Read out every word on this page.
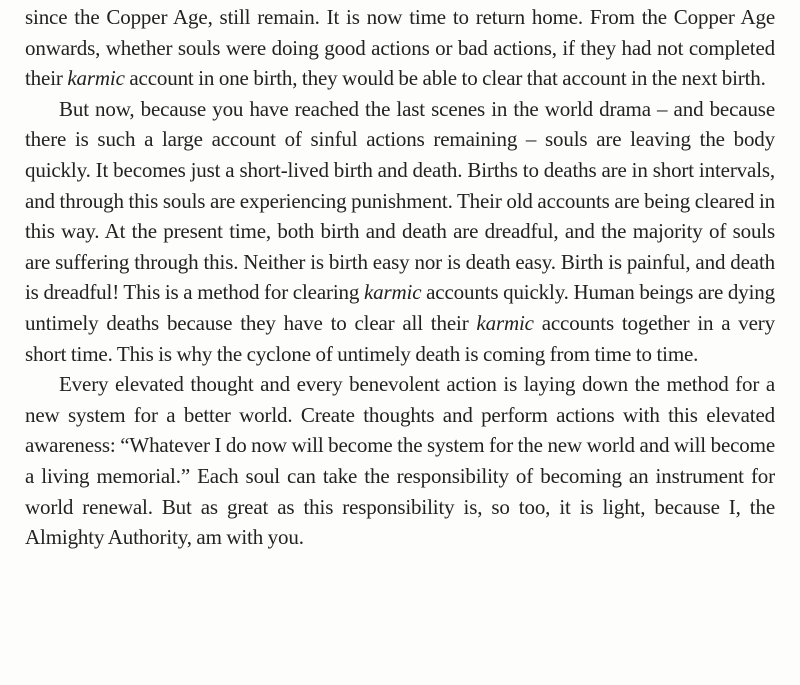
since the Copper Age, still remain. It is now time to return home. From the Copper Age onwards, whether souls were doing good actions or bad actions, if they had not completed their karmic account in one birth, they would be able to clear that account in the next birth.

But now, because you have reached the last scenes in the world drama – and because there is such a large account of sinful actions remaining – souls are leaving the body quickly. It becomes just a short-lived birth and death. Births to deaths are in short intervals, and through this souls are experiencing punishment. Their old accounts are being cleared in this way. At the present time, both birth and death are dreadful, and the majority of souls are suffering through this. Neither is birth easy nor is death easy. Birth is painful, and death is dreadful! This is a method for clearing karmic accounts quickly. Human beings are dying untimely deaths because they have to clear all their karmic accounts together in a very short time. This is why the cyclone of untimely death is coming from time to time.

Every elevated thought and every benevolent action is laying down the method for a new system for a better world. Create thoughts and perform actions with this elevated awareness: “Whatever I do now will become the system for the new world and will become a living memorial.” Each soul can take the responsibility of becoming an instrument for world renewal. But as great as this responsibility is, so too, it is light, because I, the Almighty Authority, am with you.
